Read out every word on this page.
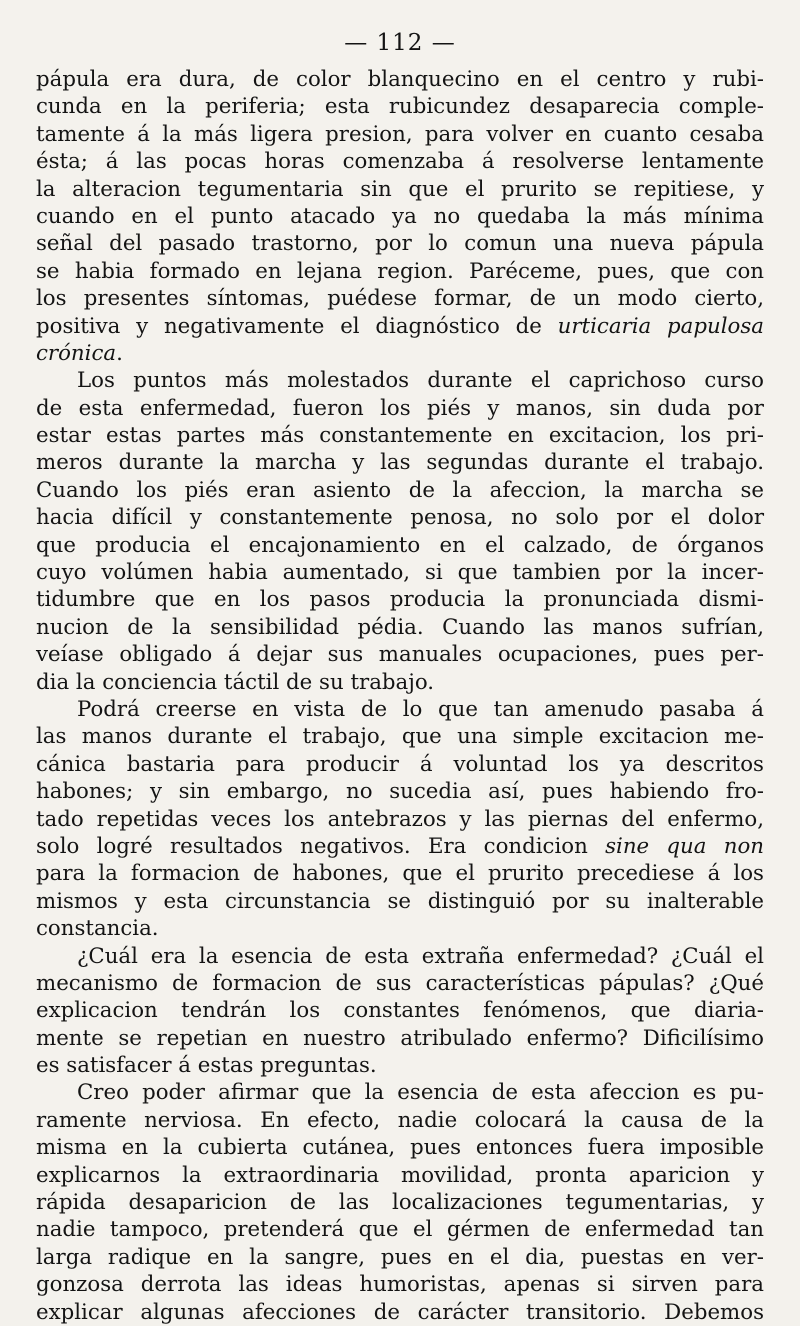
— 112 —
pápula era dura, de color blanquecino en el centro y rubi-
cunda en la periferia; esta rubicundez desaparecia comple-
tamente á la más ligera presion, para volver en cuanto cesaba
ésta; á las pocas horas comenzaba á resolverse lentamente
la alteracion tegumentaria sin que el prurito se repitiese, y
cuando en el punto atacado ya no quedaba la más mínima
señal del pasado trastorno, por lo comun una nueva pápula
se habia formado en lejana region. Paréceme, pues, que con
los presentes síntomas, puédese formar, de un modo cierto,
positiva y negativamente el diagnóstico de urticaria papulosa
crónica.
Los puntos más molestados durante el caprichoso curso
de esta enfermedad, fueron los piés y manos, sin duda por
estar estas partes más constantemente en excitacion, los pri-
meros durante la marcha y las segundas durante el trabajo.
Cuando los piés eran asiento de la afeccion, la marcha se
hacia difícil y constantemente penosa, no solo por el dolor
que producia el encajonamiento en el calzado, de órganos
cuyo volúmen habia aumentado, si que tambien por la incer-
tidumbre que en los pasos producia la pronunciada dismi-
nucion de la sensibilidad pédia. Cuando las manos sufrían,
veíase obligado á dejar sus manuales ocupaciones, pues per-
dia la conciencia táctil de su trabajo.
Podrá creerse en vista de lo que tan amenudo pasaba á
las manos durante el trabajo, que una simple excitacion me-
cánica bastaria para producir á voluntad los ya descritos
habones; y sin embargo, no sucedia así, pues habiendo fro-
tado repetidas veces los antebrazos y las piernas del enfermo,
solo logré resultados negativos. Era condicion sine qua non
para la formacion de habones, que el prurito precediese á los
mismos y esta circunstancia se distinguió por su inalterable
constancia.
¿Cuál era la esencia de esta extraña enfermedad? ¿Cuál el
mecanismo de formacion de sus características pápulas? ¿Qué
explicacion tendrán los constantes fenómenos, que diaria-
mente se repetian en nuestro atribulado enfermo? Dificilísimo
es satisfacer á estas preguntas.
Creo poder afirmar que la esencia de esta afeccion es pu-
ramente nerviosa. En efecto, nadie colocará la causa de la
misma en la cubierta cutánea, pues entonces fuera imposible
explicarnos la extraordinaria movilidad, pronta aparicion y
rápida desaparicion de las localizaciones tegumentarias, y
nadie tampoco, pretenderá que el gérmen de enfermedad tan
larga radique en la sangre, pues en el dia, puestas en ver-
gonzosa derrota las ideas humoristas, apenas si sirven para
explicar algunas afecciones de carácter transitorio. Debemos
